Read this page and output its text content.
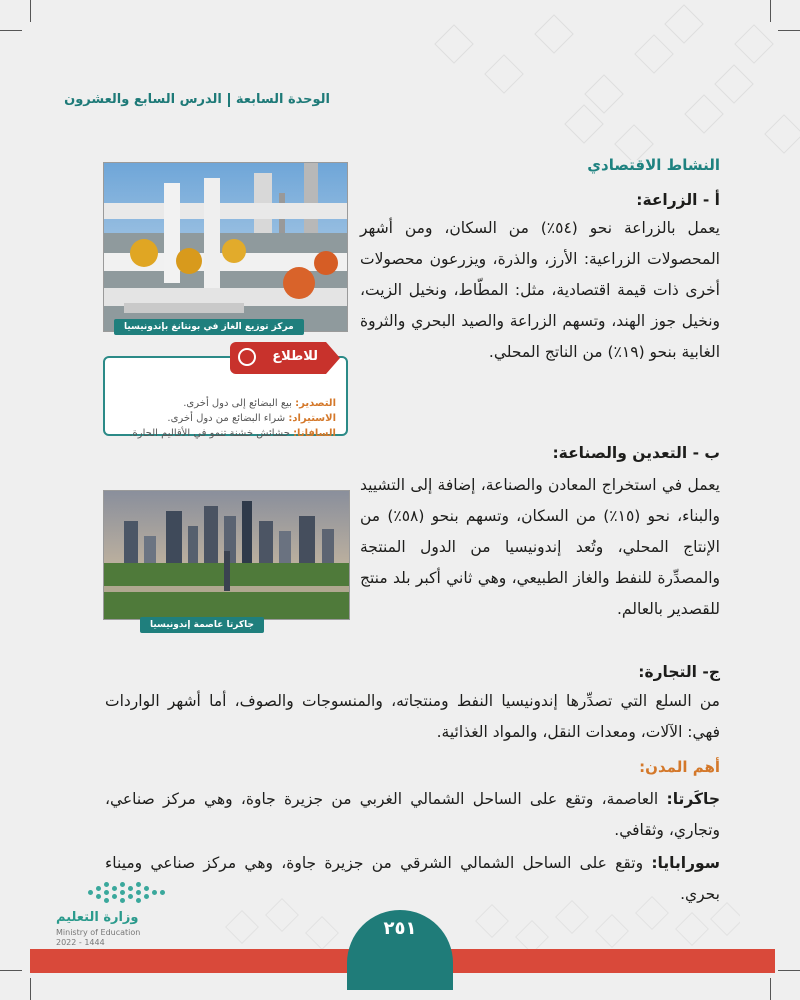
الوحدة السابعةالدرس السابع والعشرون
مركز توزيع الغاز في بونتانغ بإندونيسيا
التصدير: بيع البضائع إلى دول أخرى.
الاستيراد: شراء البضائع من دول أخرى.
السافانا: حشائش خشنة تنمو في الأقاليم الحارة.
للاطلاع
جاكرتا عاصمة إندونيسيا
النشاط الاقتصادي
أ - الزراعة:
يعمل بالزراعة نحو (٥٤٪) من السكان، ومن أشهر المحصولات الزراعية: الأرز، والذرة، ويزرعون محصولات أخرى ذات قيمة اقتصادية، مثل: المطّاط، ونخيل الزيت، ونخيل جوز الهند، وتسهم الزراعة والصيد البحري والثروة الغابية بنحو (١٩٪) من الناتج المحلي.
ب - التعدين والصناعة:
يعمل في استخراج المعادن والصناعة، إضافة إلى التشييد والبناء، نحو (١٥٪) من السكان، وتسهم بنحو (٥٨٪) من الإنتاج المحلي، وتُعد إندونيسيا من الدول المنتجة والمصدِّرة للنفط والغاز الطبيعي، وهي ثاني أكبر بلد منتج للقصدير بالعالم.
ج- التجارة:
من السلع التي تصدِّرها إندونيسيا النفط ومنتجاته، والمنسوجات والصوف، أما أشهر الواردات فهي: الآلات، ومعدات النقل، والمواد الغذائية.
أهم المدن:
جاكَرتا: العاصمة، وتقع على الساحل الشمالي الغربي من جزيرة جاوة، وهي مركز صناعي، وتجاري، وثقافي.
سورابايا: وتقع على الساحل الشمالي الشرقي من جزيرة جاوة، وهي مركز صناعي وميناء بحري.
٢٥١
وزارة التعليم
Ministry of Education
2022 - 1444
